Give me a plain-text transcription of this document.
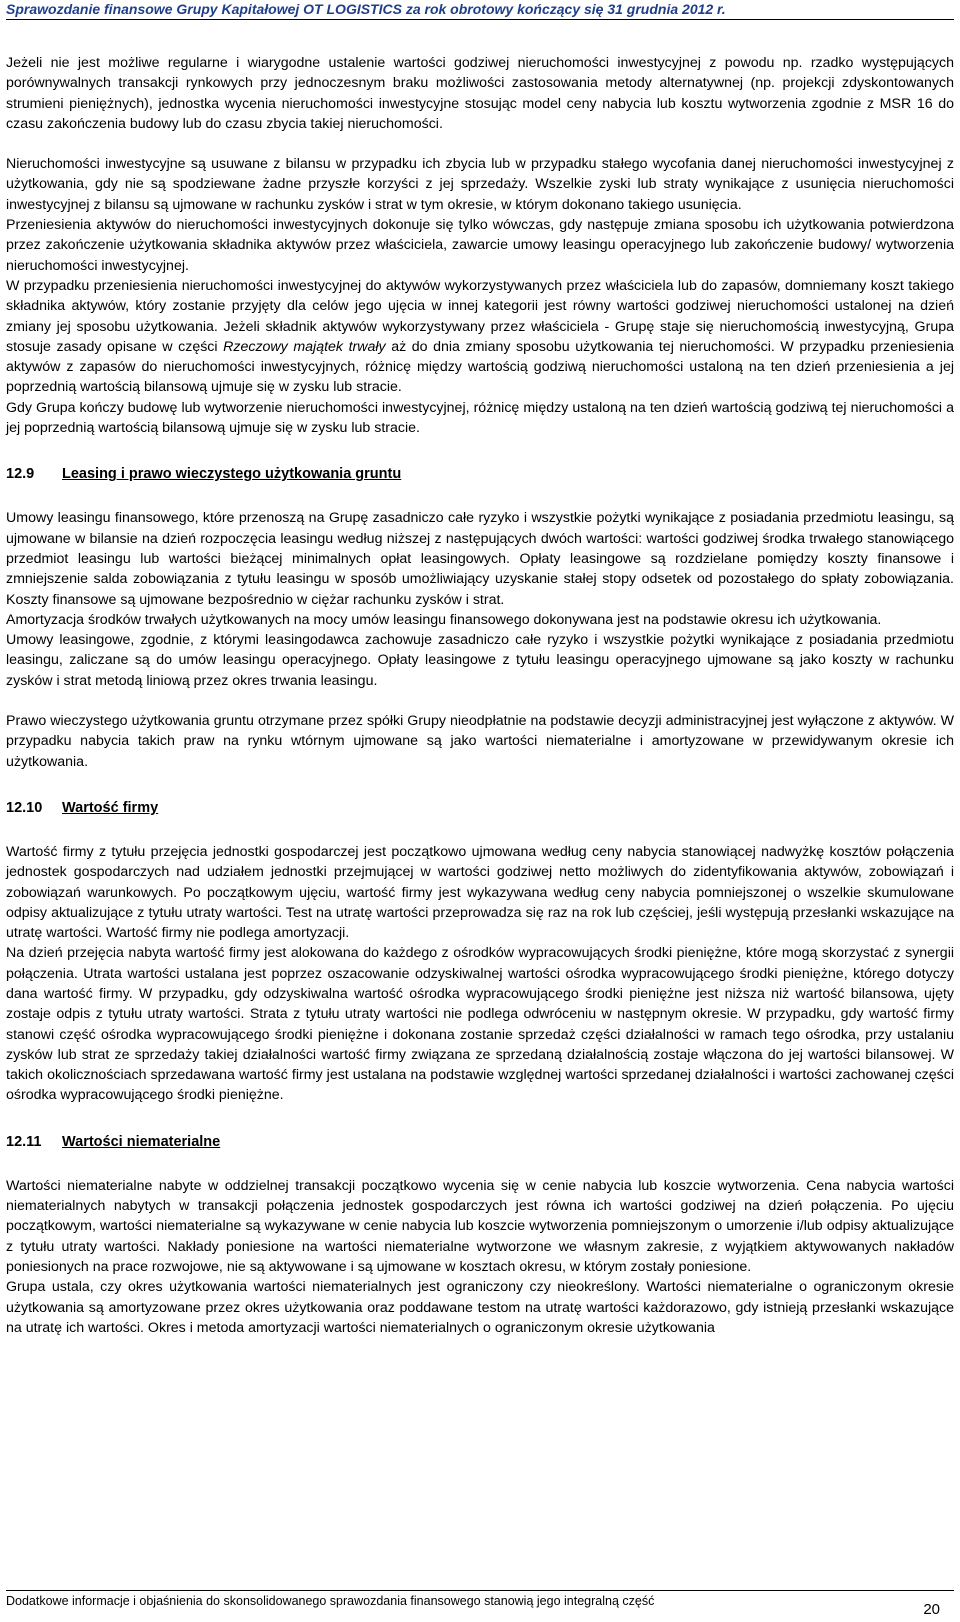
Sprawozdanie finansowe Grupy Kapitałowej OT LOGISTICS za rok obrotowy kończący się 31 grudnia 2012 r.

Jeżeli nie jest możliwe regularne i wiarygodne ustalenie wartości godziwej nieruchomości inwestycyjnej z powodu np. rzadko występujących porównywalnych transakcji rynkowych przy jednoczesnym braku możliwości zastosowania metody alternatywnej (np. projekcji zdyskontowanych strumieni pieniężnych), jednostka wycenia nieruchomości inwestycyjne stosując model ceny nabycia lub kosztu wytworzenia zgodnie z MSR 16 do czasu zakończenia budowy lub do czasu zbycia takiej nieruchomości.

Nieruchomości inwestycyjne są usuwane z bilansu w przypadku ich zbycia lub w przypadku stałego wycofania danej nieruchomości inwestycyjnej z użytkowania, gdy nie są spodziewane żadne przyszłe korzyści z jej sprzedaży. Wszelkie zyski lub straty wynikające z usunięcia nieruchomości inwestycyjnej z bilansu są ujmowane w rachunku zysków i strat w tym okresie, w którym dokonano takiego usunięcia.

Przeniesienia aktywów do nieruchomości inwestycyjnych dokonuje się tylko wówczas, gdy następuje zmiana sposobu ich użytkowania potwierdzona przez zakończenie użytkowania składnika aktywów przez właściciela, zawarcie umowy leasingu operacyjnego lub zakończenie budowy/ wytworzenia nieruchomości inwestycyjnej.

W przypadku przeniesienia nieruchomości inwestycyjnej do aktywów wykorzystywanych przez właściciela lub do zapasów, domniemany koszt takiego składnika aktywów, który zostanie przyjęty dla celów jego ujęcia w innej kategorii jest równy wartości godziwej nieruchomości ustalonej na dzień zmiany jej sposobu użytkowania. Jeżeli składnik aktywów wykorzystywany przez właściciela - Grupę staje się nieruchomością inwestycyjną, Grupa stosuje zasady opisane w części Rzeczowy majątek trwały aż do dnia zmiany sposobu użytkowania tej nieruchomości. W przypadku przeniesienia aktywów z zapasów do nieruchomości inwestycyjnych, różnicę między wartością godziwą nieruchomości ustaloną na ten dzień przeniesienia a jej poprzednią wartością bilansową ujmuje się w zysku lub stracie.

Gdy Grupa kończy budowę lub wytworzenie nieruchomości inwestycyjnej, różnicę między ustaloną na ten dzień wartością godziwą tej nieruchomości a jej poprzednią wartością bilansową ujmuje się w zysku lub stracie.

12.9 Leasing i prawo wieczystego użytkowania gruntu

Umowy leasingu finansowego, które przenoszą na Grupę zasadniczo całe ryzyko i wszystkie pożytki wynikające z posiadania przedmiotu leasingu, są ujmowane w bilansie na dzień rozpoczęcia leasingu według niższej z następujących dwóch wartości: wartości godziwej środka trwałego stanowiącego przedmiot leasingu lub wartości bieżącej minimalnych opłat leasingowych. Opłaty leasingowe są rozdzielane pomiędzy koszty finansowe i zmniejszenie salda zobowiązania z tytułu leasingu w sposób umożliwiający uzyskanie stałej stopy odsetek od pozostałego do spłaty zobowiązania. Koszty finansowe są ujmowane bezpośrednio w ciężar rachunku zysków i strat.

Amortyzacja środków trwałych użytkowanych na mocy umów leasingu finansowego dokonywana jest na podstawie okresu ich użytkowania.

Umowy leasingowe, zgodnie, z którymi leasingodawca zachowuje zasadniczo całe ryzyko i wszystkie pożytki wynikające z posiadania przedmiotu leasingu, zaliczane są do umów leasingu operacyjnego. Opłaty leasingowe z tytułu leasingu operacyjnego ujmowane są jako koszty w rachunku zysków i strat metodą liniową przez okres trwania leasingu.

Prawo wieczystego użytkowania gruntu otrzymane przez spółki Grupy nieodpłatnie na podstawie decyzji administracyjnej jest wyłączone z aktywów. W przypadku nabycia takich praw na rynku wtórnym ujmowane są jako wartości niematerialne i amortyzowane w przewidywanym okresie ich użytkowania.

12.10 Wartość firmy

Wartość firmy z tytułu przejęcia jednostki gospodarczej jest początkowo ujmowana według ceny nabycia stanowiącej nadwyżkę kosztów połączenia jednostek gospodarczych nad udziałem jednostki przejmującej w wartości godziwej netto możliwych do zidentyfikowania aktywów, zobowiązań i zobowiązań warunkowych. Po początkowym ujęciu, wartość firmy jest wykazywana według ceny nabycia pomniejszonej o wszelkie skumulowane odpisy aktualizujące z tytułu utraty wartości. Test na utratę wartości przeprowadza się raz na rok lub częściej, jeśli występują przesłanki wskazujące na utratę wartości. Wartość firmy nie podlega amortyzacji.

Na dzień przejęcia nabyta wartość firmy jest alokowana do każdego z ośrodków wypracowujących środki pieniężne, które mogą skorzystać z synergii połączenia. Utrata wartości ustalana jest poprzez oszacowanie odzyskiwalnej wartości ośrodka wypracowującego środki pieniężne, którego dotyczy dana wartość firmy. W przypadku, gdy odzyskiwalna wartość ośrodka wypracowującego środki pieniężne jest niższa niż wartość bilansowa, ujęty zostaje odpis z tytułu utraty wartości. Strata z tytułu utraty wartości nie podlega odwróceniu w następnym okresie. W przypadku, gdy wartość firmy stanowi część ośrodka wypracowującego środki pieniężne i dokonana zostanie sprzedaż części działalności w ramach tego ośrodka, przy ustalaniu zysków lub strat ze sprzedaży takiej działalności wartość firmy związana ze sprzedaną działalnością zostaje włączona do jej wartości bilansowej. W takich okolicznościach sprzedawana wartość firmy jest ustalana na podstawie względnej wartości sprzedanej działalności i wartości zachowanej części ośrodka wypracowującego środki pieniężne.

12.11 Wartości niematerialne

Wartości niematerialne nabyte w oddzielnej transakcji początkowo wycenia się w cenie nabycia lub koszcie wytworzenia. Cena nabycia wartości niematerialnych nabytych w transakcji połączenia jednostek gospodarczych jest równa ich wartości godziwej na dzień połączenia. Po ujęciu początkowym, wartości niematerialne są wykazywane w cenie nabycia lub koszcie wytworzenia pomniejszonym o umorzenie i/lub odpisy aktualizujące z tytułu utraty wartości. Nakłady poniesione na wartości niematerialne wytworzone we własnym zakresie, z wyjątkiem aktywowanych nakładów poniesionych na prace rozwojowe, nie są aktywowane i są ujmowane w kosztach okresu, w którym zostały poniesione.

Grupa ustala, czy okres użytkowania wartości niematerialnych jest ograniczony czy nieokreślony. Wartości niematerialne o ograniczonym okresie użytkowania są amortyzowane przez okres użytkowania oraz poddawane testom na utratę wartości każdorazowo, gdy istnieją przesłanki wskazujące na utratę ich wartości. Okres i metoda amortyzacji wartości niematerialnych o ograniczonym okresie użytkowania

Dodatkowe informacje i objaśnienia do skonsolidowanego sprawozdania finansowego stanowią jego integralną część	20
